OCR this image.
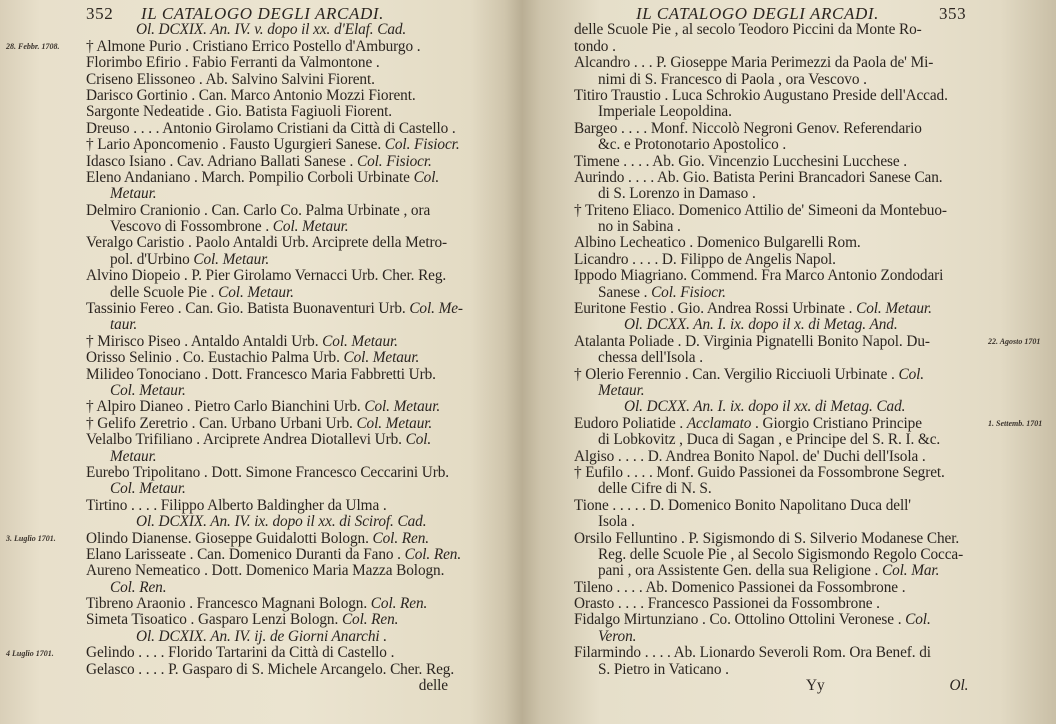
352 IL CATALOGO DEGLI ARCADI.
Ol. DCXIX. An. IV. v. dopo il xx. d'Elaf. Cad.
† Almone Purio . Cristiano Errico Postello d'Amburgo .
Florimbo Efirio . Fabio Ferranti da Valmontone .
Criseno Elissoneo . Ab. Salvino Salvini Fiorent.
Darisco Gortinio . Can. Marco Antonio Mozzi Fiorent.
Sargonte Nedeatide . Gio. Batista Fagiuoli Fiorent.
Dreuso . . . . Antonio Girolamo Cristiani da Città di Castello .
† Lario Aponcomenio . Fausto Ugurgieri Sanese. Col. Fisiocr.
Idasco Isiano . Cav. Adriano Ballati Sanese . Col. Fisiocr.
Eleno Andaniano . March. Pompilio Corboli Urbinate Col.
Metaur.
Delmiro Cranionio . Can. Carlo Co. Palma Urbinate , ora
Vescovo di Fossombrone . Col. Metaur.
Veralgo Caristio . Paolo Antaldi Urb. Arciprete della Metro-
pol. d'Urbino Col. Metaur.
Alvino Diopeio . P. Pier Girolamo Vernacci Urb. Cher. Reg.
delle Scuole Pie . Col. Metaur.
Tassinio Fereo . Can. Gio. Batista Buonaventuri Urb. Col. Me-
taur.
† Mirisco Piseo . Antaldo Antaldi Urb. Col. Metaur.
Orisso Selinio . Co. Eustachio Palma Urb. Col. Metaur.
Milideo Tonociano . Dott. Francesco Maria Fabbretti Urb.
Col. Metaur.
† Alpiro Dianeo . Pietro Carlo Bianchini Urb. Col. Metaur.
† Gelifo Zeretrio . Can. Urbano Urbani Urb. Col. Metaur.
Velalbo Trifiliano . Arciprete Andrea Diotallevi Urb. Col.
Metaur.
Eurebo Tripolitano . Dott. Simone Francesco Ceccarini Urb.
Col. Metaur.
Tirtino . . . . Filippo Alberto Baldingher da Ulma .
Ol. DCXIX. An. IV. ix. dopo il xx. di Scirof. Cad.
Olindo Dianense. Gioseppe Guidalotti Bologn. Col. Ren.
Elano Larisseate . Can. Domenico Duranti da Fano . Col. Ren.
Aureno Nemeatico . Dott. Domenico Maria Mazza Bologn.
Col. Ren.
Tibreno Araonio . Francesco Magnani Bologn. Col. Ren.
Simeta Tisoatico . Gasparo Lenzi Bologn. Col. Ren.
Ol. DCXIX. An. IV. ij. de Giorni Anarchi .
Gelindo . . . . Florido Tartarini da Città di Castello .
Gelasco . . . . P. Gasparo di S. Michele Arcangelo. Cher. Reg.
delle
IL CATALOGO DEGLI ARCADI.	353
delle Scuole Pie , al secolo Teodoro Piccini da Monte Ro-
tondo .
Alcandro . . . P. Gioseppe Maria Perimezzi da Paola de' Mi-
nimi di S. Francesco di Paola , ora Vescovo .
Titiro Traustio . Luca Schrokio Augustano Preside dell'Accad.
Imperiale Leopoldina.
Bargeo . . . . Monf. Niccolò Negroni Genov. Referendario
&c. e Protonotario Apostolico .
Timene . . . . Ab. Gio. Vincenzio Lucchesini Lucchese .
Aurindo . . . . Ab. Gio. Batista Perini Brancadori Sanese Can.
di S. Lorenzo in Damaso .
† Triteno Eliaco. Domenico Attilio de' Simeoni da Montebuo-
no in Sabina .
Albino Lecheatico . Domenico Bulgarelli Rom.
Licandro . . . . D. Filippo de Angelis Napol.
Ippodo Miagriano. Commend. Fra Marco Antonio Zondodari
Sanese . Col. Fisiocr.
Euritone Festio . Gio. Andrea Rossi Urbinate . Col. Metaur.
Ol. DCXX. An. I. ix. dopo il x. di Metag. And.
Atalanta Poliade . D. Virginia Pignatelli Bonito Napol. Du-
chessa dell'Isola .
† Olerio Ferennio . Can. Vergilio Ricciuoli Urbinate . Col.
Metaur.
Ol. DCXX. An. I. ix. dopo il xx. di Metag. Cad.
Eudoro Poliatide . Acclamato . Giorgio Cristiano Principe
di Lobkovitz , Duca di Sagan , e Principe del S. R. I. &c.
Algiso . . . . D. Andrea Bonito Napol. de' Duchi dell'Isola .
† Eufilo . . . . Monf. Guido Passionei da Fossombrone Segret.
delle Cifre di N. S.
Tione . . . . . D. Domenico Bonito Napolitano Duca dell'
Isola .
Orsilo Felluntino . P. Sigismondo di S. Silverio Modanese Cher.
Reg. delle Scuole Pie , al Secolo Sigismondo Regolo Cocca-
pani , ora Assistente Gen. della sua Religione . Col. Mar.
Tileno . . . . Ab. Domenico Passionei da Fossombrone .
Orasto . . . . Francesco Passionei da Fossombrone .
Fidalgo Mirtunziano . Co. Ottolino Ottolini Veronese . Col.
Veron.
Filarmindo . . . . Ab. Lionardo Severoli Rom. Ora Benef. di
S. Pietro in Vaticano .
Yy	Ol.
28. Febbr. 1708.
3. Luglio 1701.
4 Luglio 1701.
22. Agosto 1701
1. Settemb. 1701
